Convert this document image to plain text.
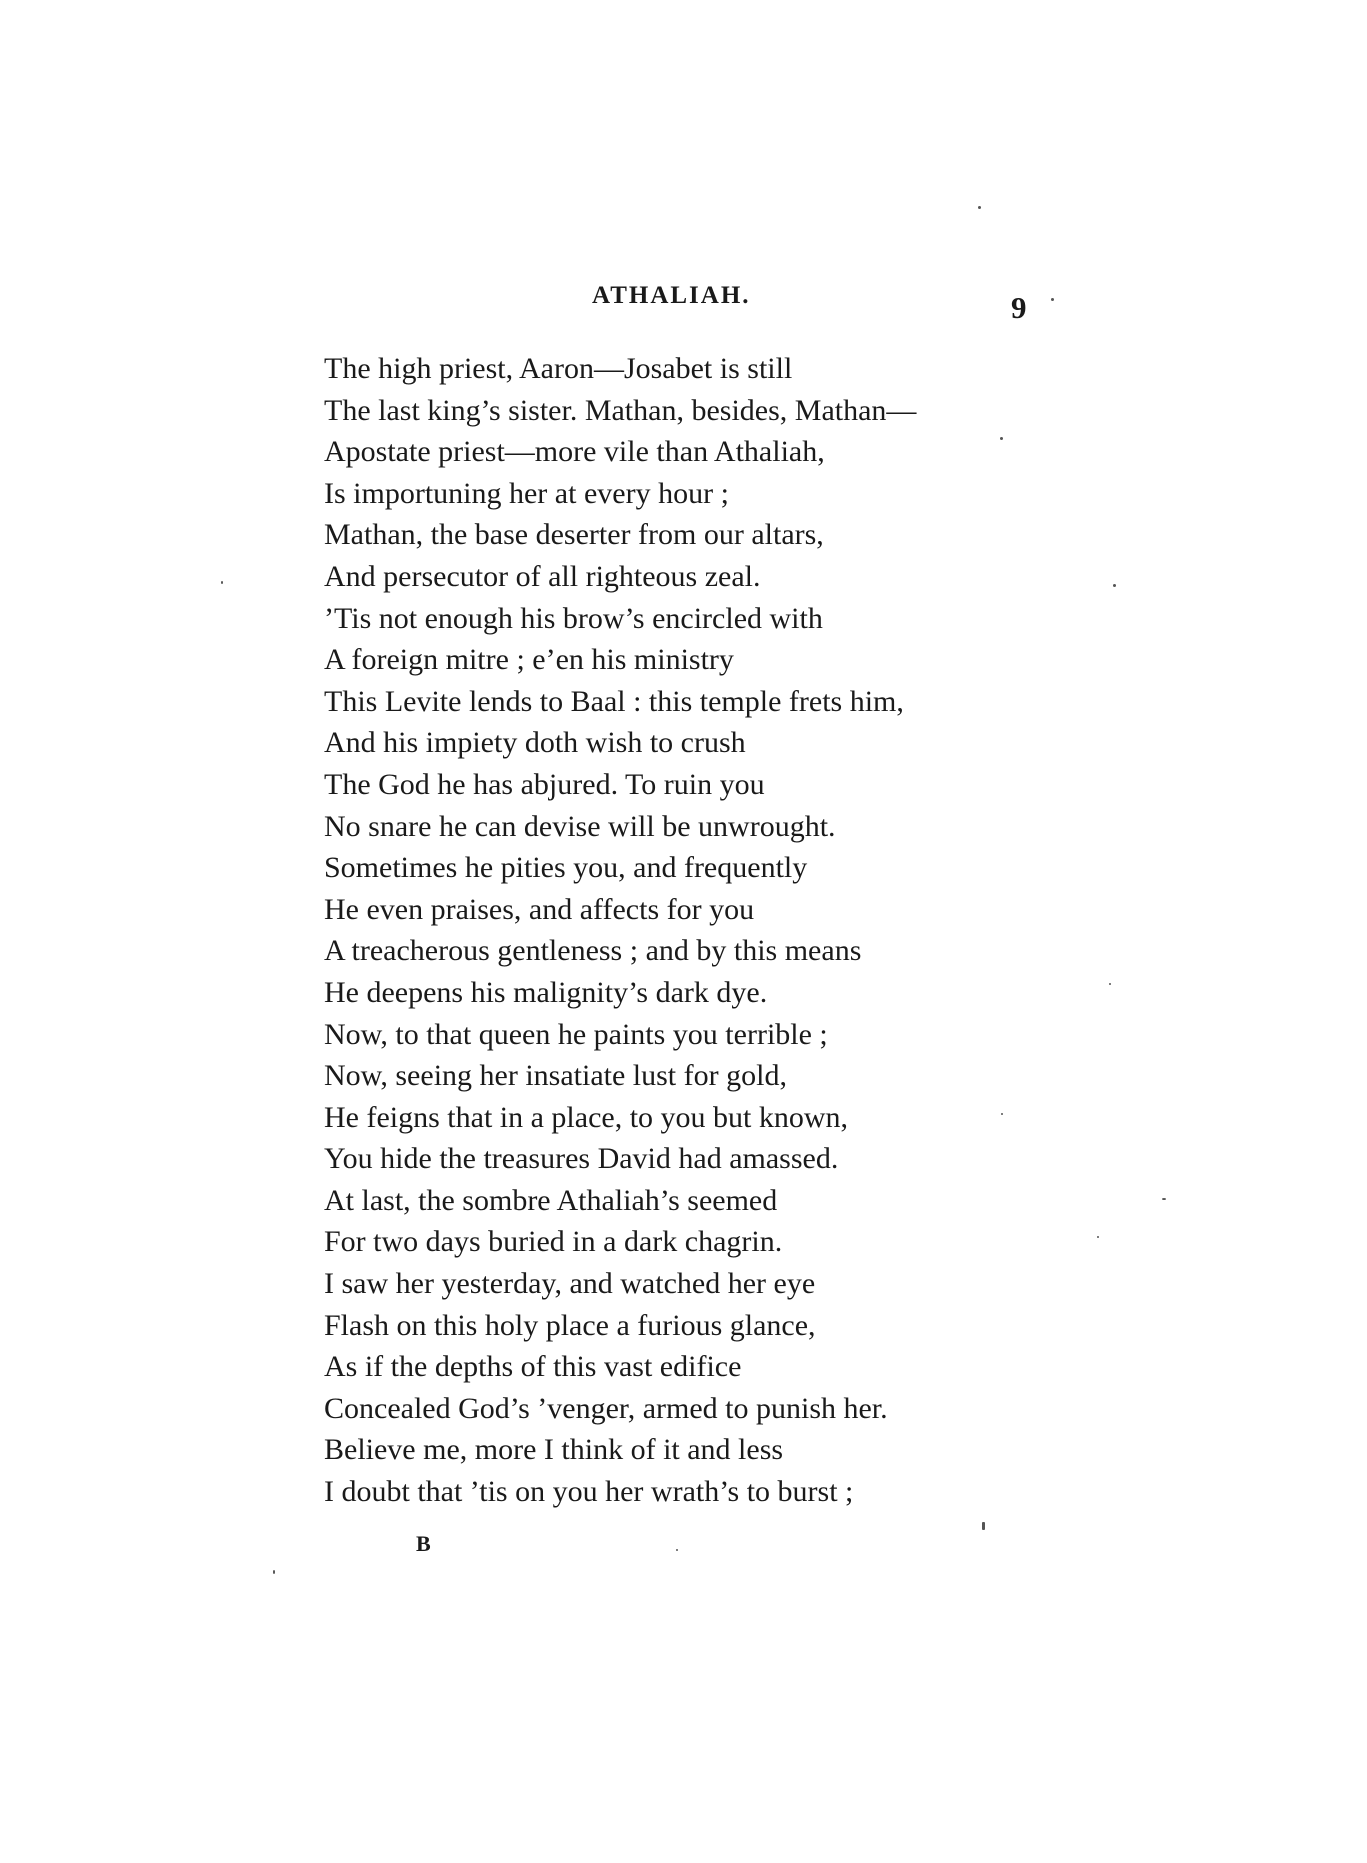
ATHALIAH.	9
The high priest, Aaron—Josabet is still
The last king’s sister. Mathan, besides, Mathan—
Apostate priest—more vile than Athaliah,
Is importuning her at every hour ;
Mathan, the base deserter from our altars,
And persecutor of all righteous zeal.
’Tis not enough his brow’s encircled with
A foreign mitre ; e’en his ministry
This Levite lends to Baal : this temple frets him,
And his impiety doth wish to crush
The God he has abjured. To ruin you
No snare he can devise will be unwrought.
Sometimes he pities you, and frequently
He even praises, and affects for you
A treacherous gentleness ; and by this means
He deepens his malignity’s dark dye.
Now, to that queen he paints you terrible ;
Now, seeing her insatiate lust for gold,
He feigns that in a place, to you but known,
You hide the treasures David had amassed.
At last, the sombre Athaliah’s seemed
For two days buried in a dark chagrin.
I saw her yesterday, and watched her eye
Flash on this holy place a furious glance,
As if the depths of this vast edifice
Concealed God’s ’venger, armed to punish her.
Believe me, more I think of it and less
I doubt that ’tis on you her wrath’s to burst ;
B
